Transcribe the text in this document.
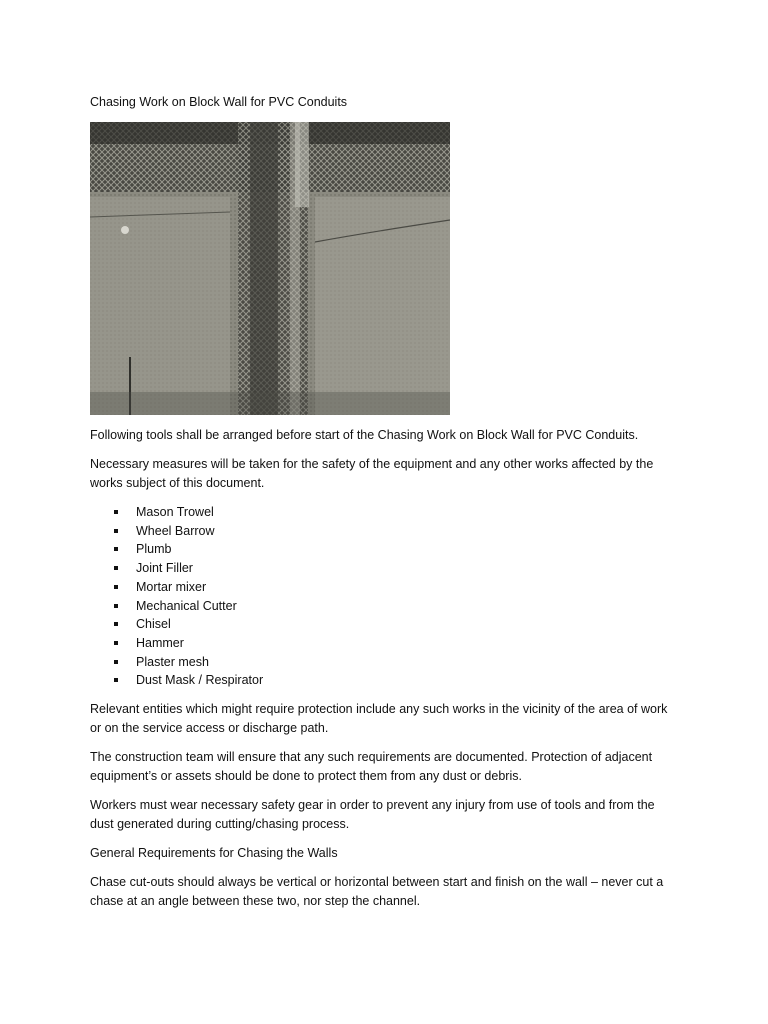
Chasing Work on Block Wall for PVC Conduits

Following tools shall be arranged before start of the Chasing Work on Block Wall for PVC Conduits.

Necessary measures will be taken for the safety of the equipment and any other works affected by the works subject of this document.

Mason Trowel
Wheel Barrow
Plumb
Joint Filler
Mortar mixer
Mechanical Cutter
Chisel
Hammer
Plaster mesh
Dust Mask / Respirator

Relevant entities which might require protection include any such works in the vicinity of the area of work or on the service access or discharge path.

The construction team will ensure that any such requirements are documented. Protection of adjacent equipment’s or assets should be done to protect them from any dust or debris.

Workers must wear necessary safety gear in order to prevent any injury from use of tools and from the dust generated during cutting/chasing process.

General Requirements for Chasing the Walls

Chase cut-outs should always be vertical or horizontal between start and finish on the wall – never cut a chase at an angle between these two, nor step the channel.
